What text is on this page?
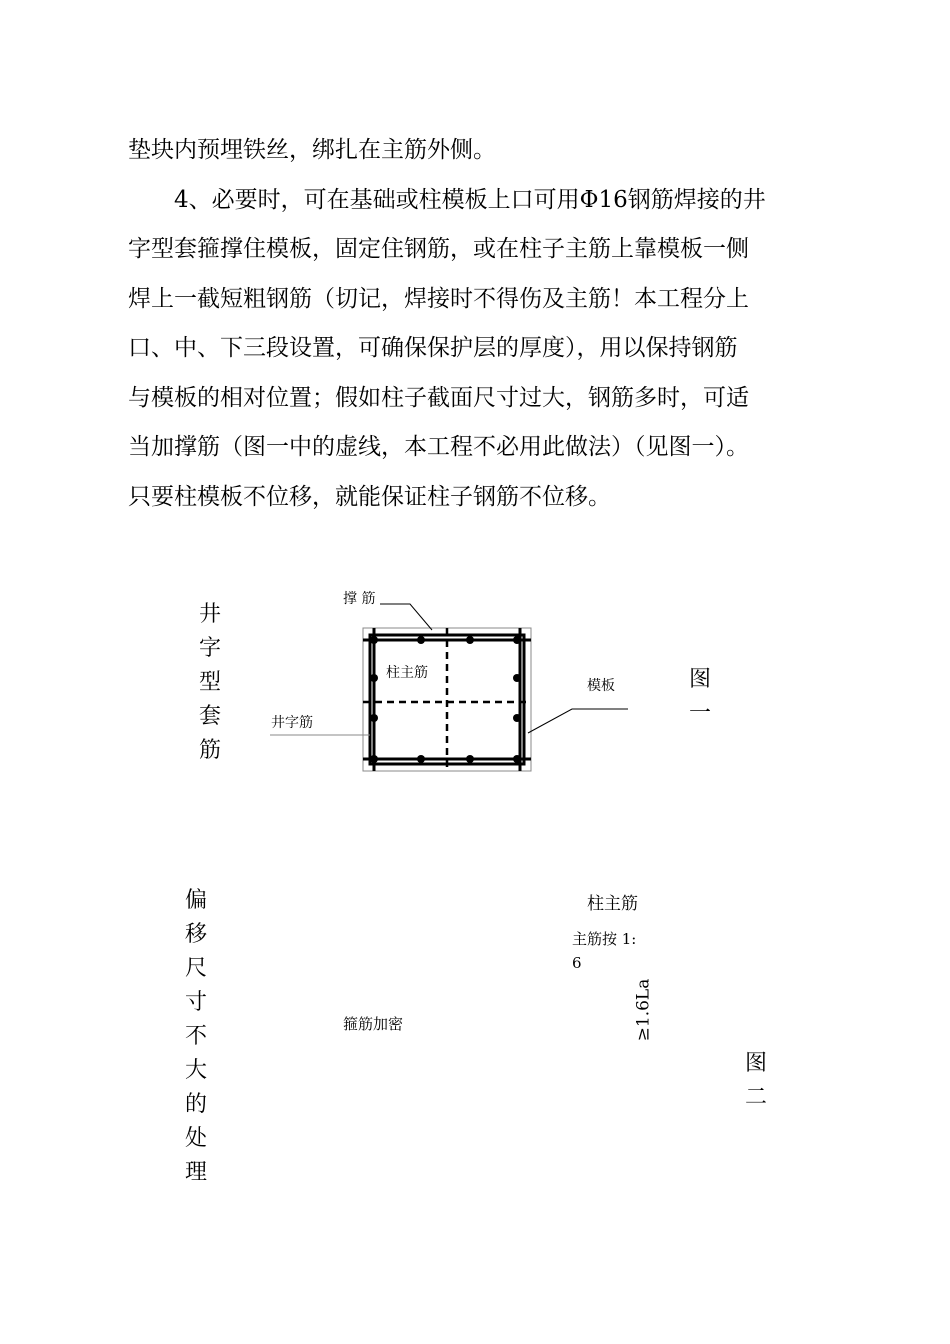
垫块内预埋铁丝，绑扎在主筋外侧。

4、必要时，可在基础或柱模板上口可用Φ16钢筋焊接的井
字型套箍撑住模板，固定住钢筋，或在柱子主筋上靠模板一侧
焊上一截短粗钢筋（切记，焊接时不得伤及主筋！本工程分上
口、中、下三段设置，可确保保护层的厚度），用以保持钢筋
与模板的相对位置；假如柱子截面尺寸过大，钢筋多时，可适
当加撑筋（图一中的虚线，本工程不必用此做法）（见图一）。
只要柱模板不位移，就能保证柱子钢筋不位移。

井字型套筋
撑 筋
柱主筋
井字筋
模板	图一
偏移尺寸不大的处理
柱主筋
主筋按 1:
6
箍筋加密	≥1.6La
图二
